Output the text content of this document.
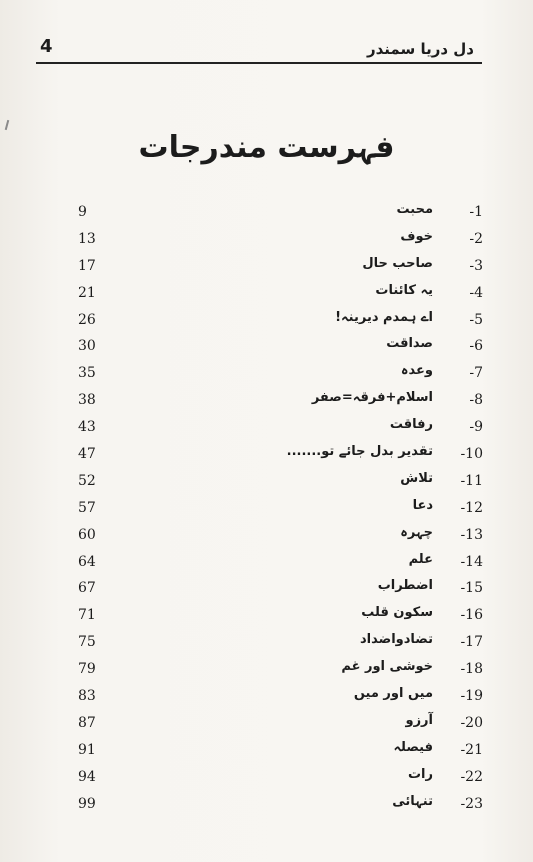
4	دل دریا سمندر
فہرست مندرجات
-1
محبت
9
-2
خوف
13
-3
صاحب حال
17
-4
یہ کائنات
21
-5
اے ہمدم دیرینہ!
26
-6
صداقت
30
-7
وعدہ
35
-8
اسلام+فرقہ=صفر
38
-9
رفاقت
43
-10
تقدیر بدل جائے تو.......
47
-11
تلاش
52
-12
دعا
57
-13
چہرہ
60
-14
علم
64
-15
اضطراب
67
-16
سکون قلب
71
-17
تضادواضداد
75
-18
خوشی اور غم
79
-19
میں اور میں
83
-20
آرزو
87
-21
فیصلہ
91
-22
رات
94
-23
تنہائی
99
